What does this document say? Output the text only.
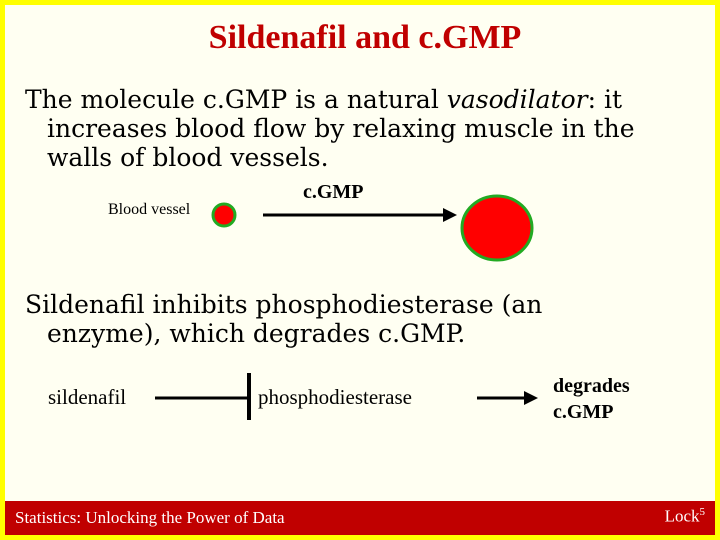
Sildenafil and c.GMP
The molecule c.GMP is a natural vasodilator: it
increases blood flow by relaxing muscle in the
walls of blood vessels.
Blood vessel
c.GMP
Sildenafil inhibits phosphodiesterase (an
enzyme), which degrades c.GMP.
sildenafil	phosphodiesterase	degrades
c.GMP
Statistics: Unlocking the Power of Data	Lock$^5$
